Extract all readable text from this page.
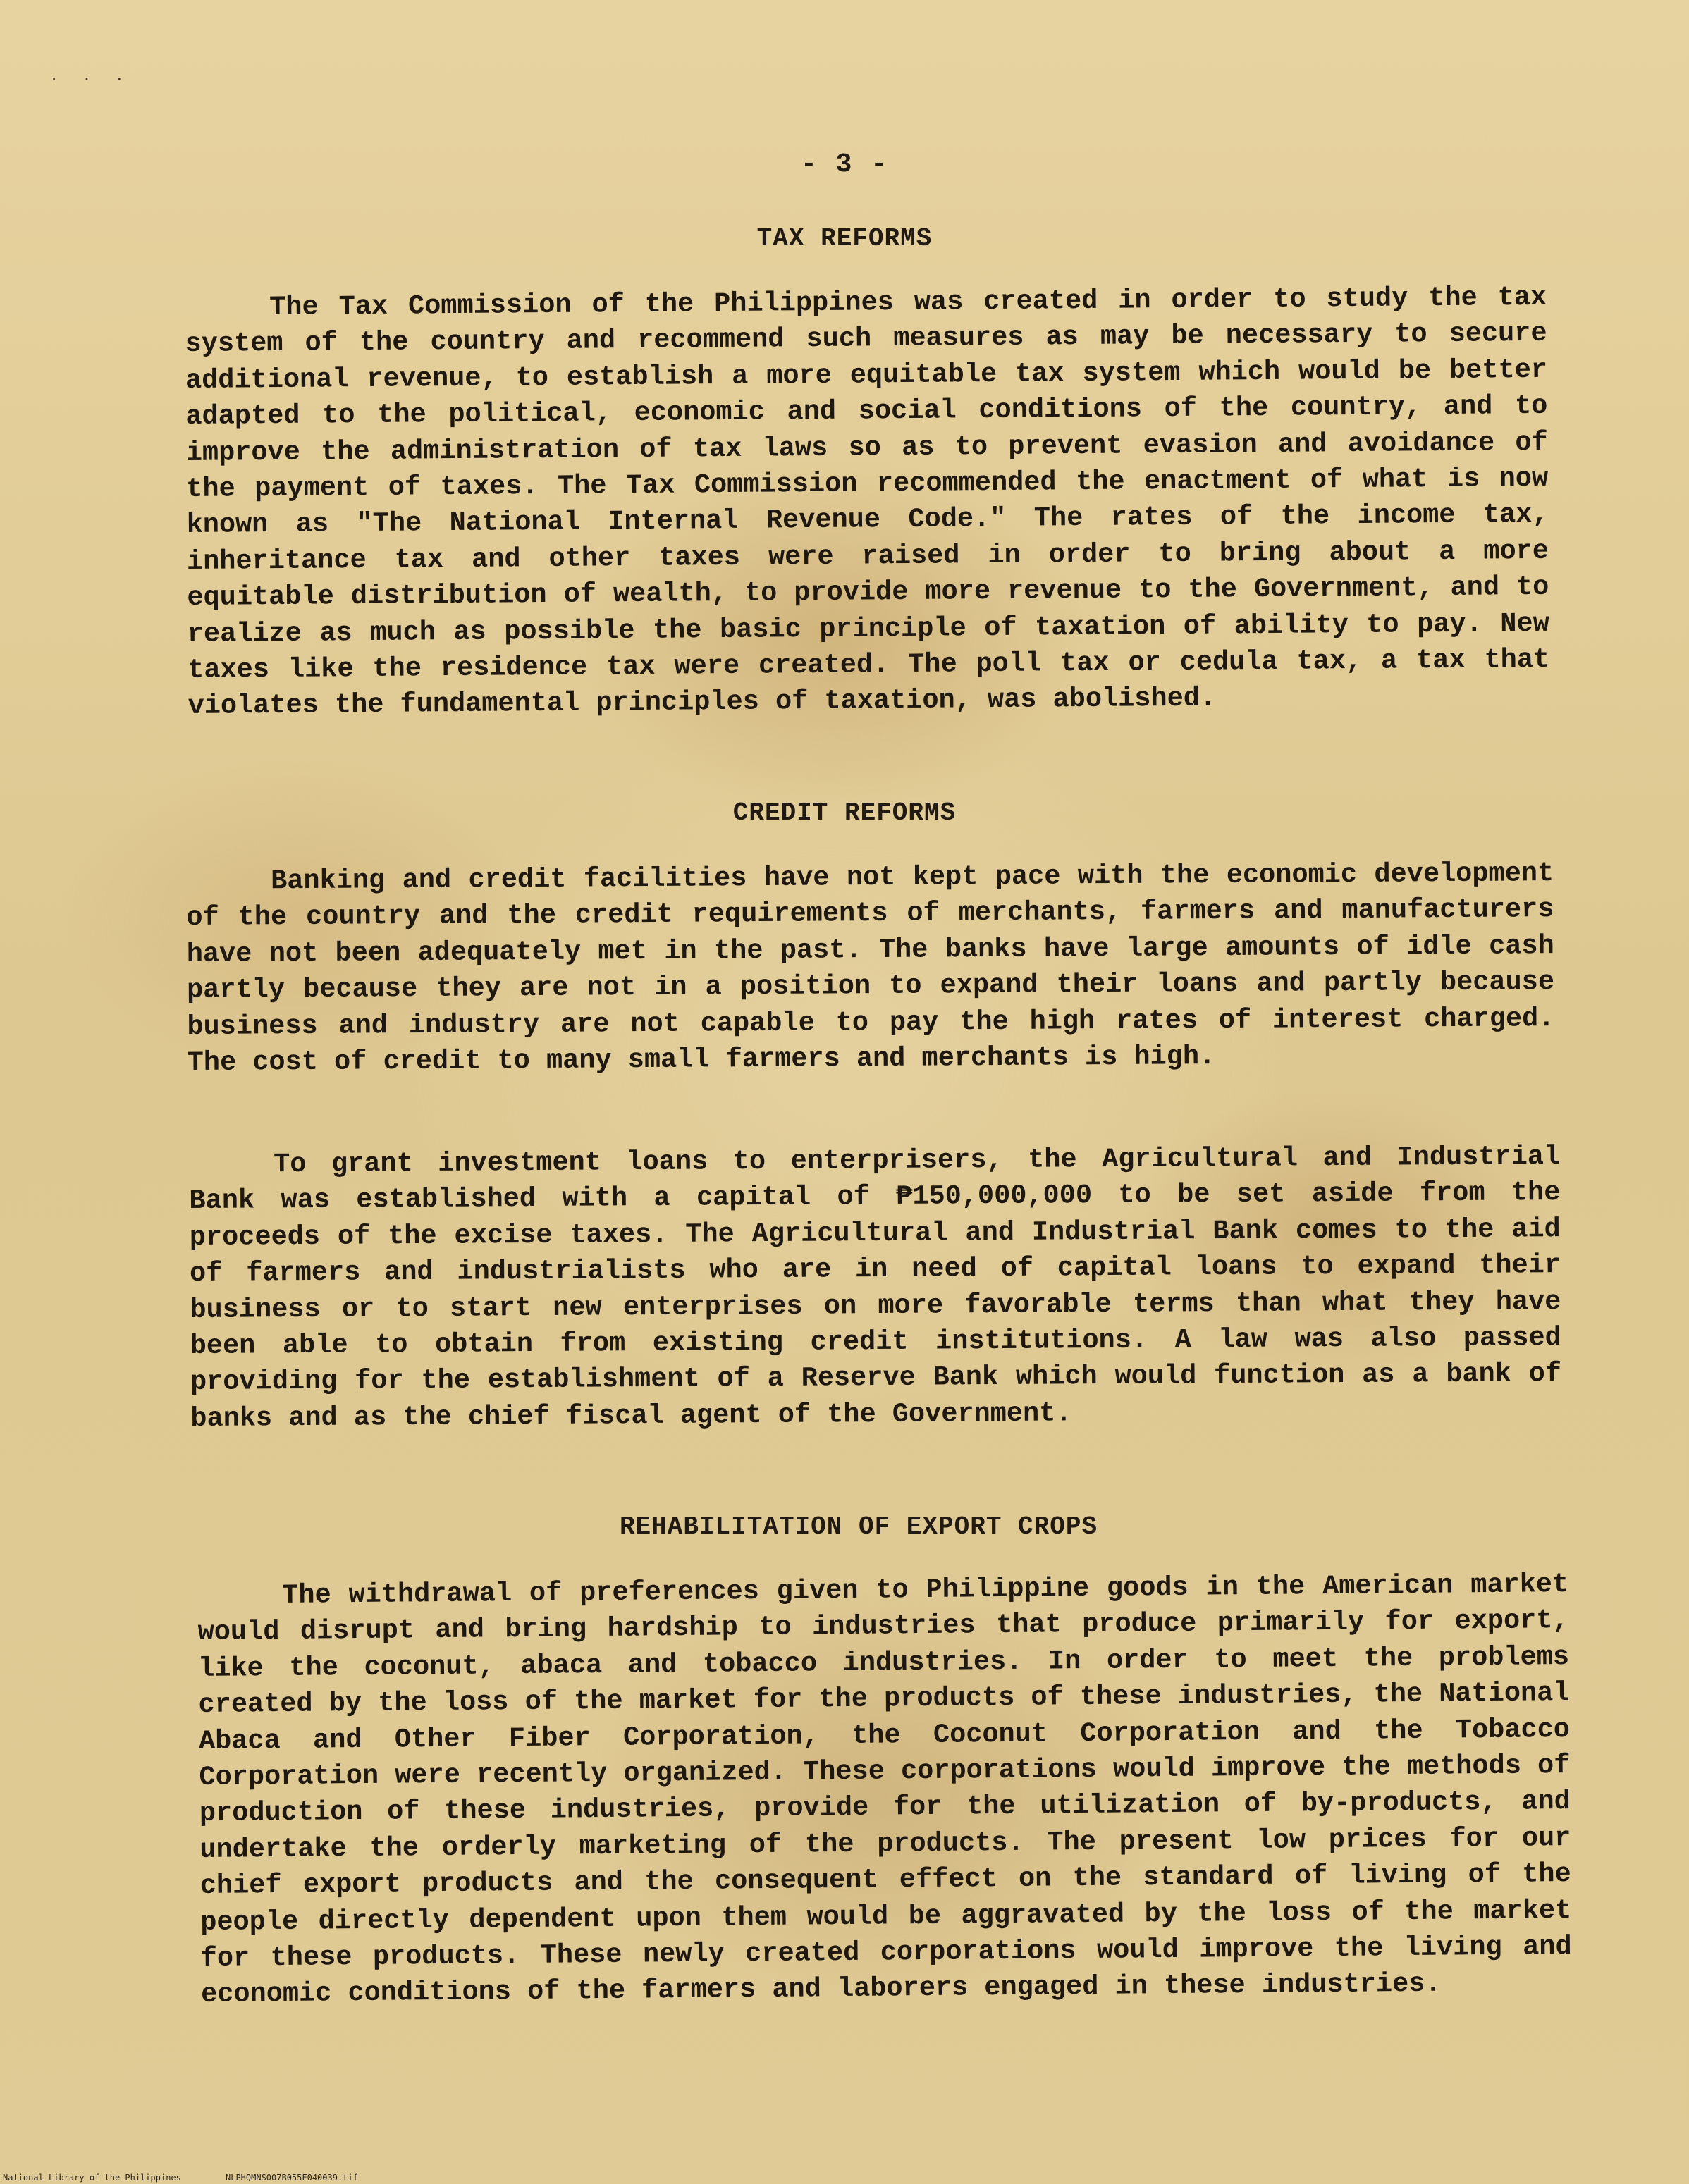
· · ·
- 3 -
TAX REFORMS

The Tax Commission of the Philippines was created in order to study the tax system of the country and recommend such measures as may be necessary to secure additional revenue, to establish a more equitable tax system which would be better adapted to the political, economic and social conditions of the country, and to improve the administration of tax laws so as to prevent evasion and avoidance of the payment of taxes. The Tax Commission recommended the enactment of what is now known as "The National Internal Revenue Code." The rates of the income tax, inheritance tax and other taxes were raised in order to bring about a more equitable distribution of wealth, to provide more revenue to the Government, and to realize as much as possible the basic principle of taxation of ability to pay. New taxes like the residence tax were created. The poll tax or cedula tax, a tax that violates the fundamental principles of taxation, was abolished.

CREDIT REFORMS

Banking and credit facilities have not kept pace with the economic development of the country and the credit requirements of merchants, farmers and manufacturers have not been adequately met in the past. The banks have large amounts of idle cash partly because they are not in a position to expand their loans and partly because business and industry are not capable to pay the high rates of interest charged. The cost of credit to many small farmers and merchants is high.

To grant investment loans to enterprisers, the Agricultural and Industrial Bank was established with a capital of ₱150,000,000 to be set aside from the proceeds of the excise taxes. The Agricultural and Industrial Bank comes to the aid of farmers and industrialists who are in need of capital loans to expand their business or to start new enterprises on more favorable terms than what they have been able to obtain from existing credit institutions. A law was also passed providing for the establishment of a Reserve Bank which would function as a bank of banks and as the chief fiscal agent of the Government.

REHABILITATION OF EXPORT CROPS

The withdrawal of preferences given to Philippine goods in the American market would disrupt and bring hardship to industries that produce primarily for export, like the coconut, abaca and tobacco industries. In order to meet the problems created by the loss of the market for the products of these industries, the National Abaca and Other Fiber Corporation, the Coconut Corporation and the Tobacco Corporation were recently organized. These corporations would improve the methods of production of these industries, provide for the utilization of by-products, and undertake the orderly marketing of the products. The present low prices for our chief export products and the consequent effect on the standard of living of the people directly dependent upon them would be aggravated by the loss of the market for these products. These newly created corporations would improve the living and economic conditions of the farmers and laborers engaged in these industries.

National Library of the Philippines	NLPHQMNS007B055F040039.tif
